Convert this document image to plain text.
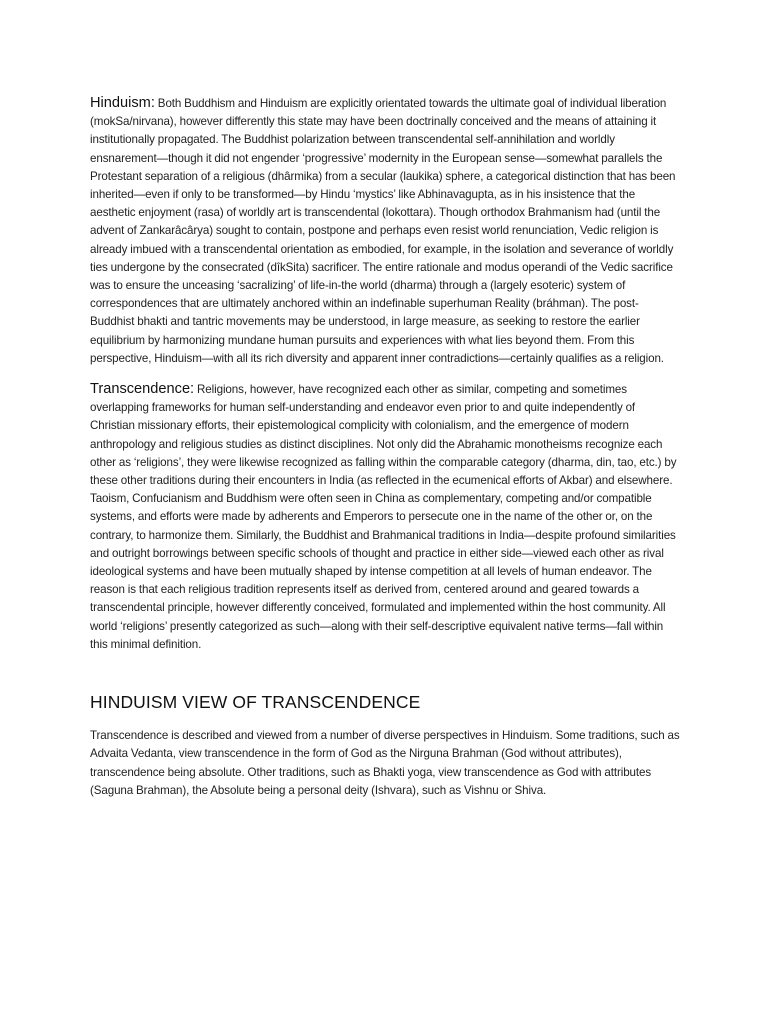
Hinduism: Both Buddhism and Hinduism are explicitly orientated towards the ultimate goal of individual liberation (mokSa/nirvana), however differently this state may have been doctrinally conceived and the means of attaining it institutionally propagated. The Buddhist polarization between transcendental self-annihilation and worldly ensnarement—though it did not engender ‘progressive’ modernity in the European sense—somewhat parallels the Protestant separation of a religious (dhârmika) from a secular (laukika) sphere, a categorical distinction that has been inherited—even if only to be transformed—by Hindu ‘mystics’ like Abhinavagupta, as in his insistence that the aesthetic enjoyment (rasa) of worldly art is transcendental (lokottara). Though orthodox Brahmanism had (until the advent of Zankarâcârya) sought to contain, postpone and perhaps even resist world renunciation, Vedic religion is already imbued with a transcendental orientation as embodied, for example, in the isolation and severance of worldly ties undergone by the consecrated (dîkSita) sacrificer. The entire rationale and modus operandi of the Vedic sacrifice was to ensure the unceasing ‘sacralizing’ of life-in-the world (dharma) through a (largely esoteric) system of correspondences that are ultimately anchored within an indefinable superhuman Reality (bráhman). The post-Buddhist bhakti and tantric movements may be understood, in large measure, as seeking to restore the earlier equilibrium by harmonizing mundane human pursuits and experiences with what lies beyond them. From this perspective, Hinduism—with all its rich diversity and apparent inner contradictions—certainly qualifies as a religion.

Transcendence: Religions, however, have recognized each other as similar, competing and sometimes overlapping frameworks for human self-understanding and endeavor even prior to and quite independently of Christian missionary efforts, their epistemological complicity with colonialism, and the emergence of modern anthropology and religious studies as distinct disciplines. Not only did the Abrahamic monotheisms recognize each other as ‘religions’, they were likewise recognized as falling within the comparable category (dharma, din, tao, etc.) by these other traditions during their encounters in India (as reflected in the ecumenical efforts of Akbar) and elsewhere. Taoism, Confucianism and Buddhism were often seen in China as complementary, competing and/or compatible systems, and efforts were made by adherents and Emperors to persecute one in the name of the other or, on the contrary, to harmonize them. Similarly, the Buddhist and Brahmanical traditions in India—despite profound similarities and outright borrowings between specific schools of thought and practice in either side—viewed each other as rival ideological systems and have been mutually shaped by intense competition at all levels of human endeavor. The reason is that each religious tradition represents itself as derived from, centered around and geared towards a transcendental principle, however differently conceived, formulated and implemented within the host community. All world ‘religions’ presently categorized as such—along with their self-descriptive equivalent native terms—fall within this minimal definition.

HINDUISM VIEW OF TRANSCENDENCE

Transcendence is described and viewed from a number of diverse perspectives in Hinduism. Some traditions, such as Advaita Vedanta, view transcendence in the form of God as the Nirguna Brahman (God without attributes), transcendence being absolute. Other traditions, such as Bhakti yoga, view transcendence as God with attributes (Saguna Brahman), the Absolute being a personal deity (Ishvara), such as Vishnu or Shiva.
